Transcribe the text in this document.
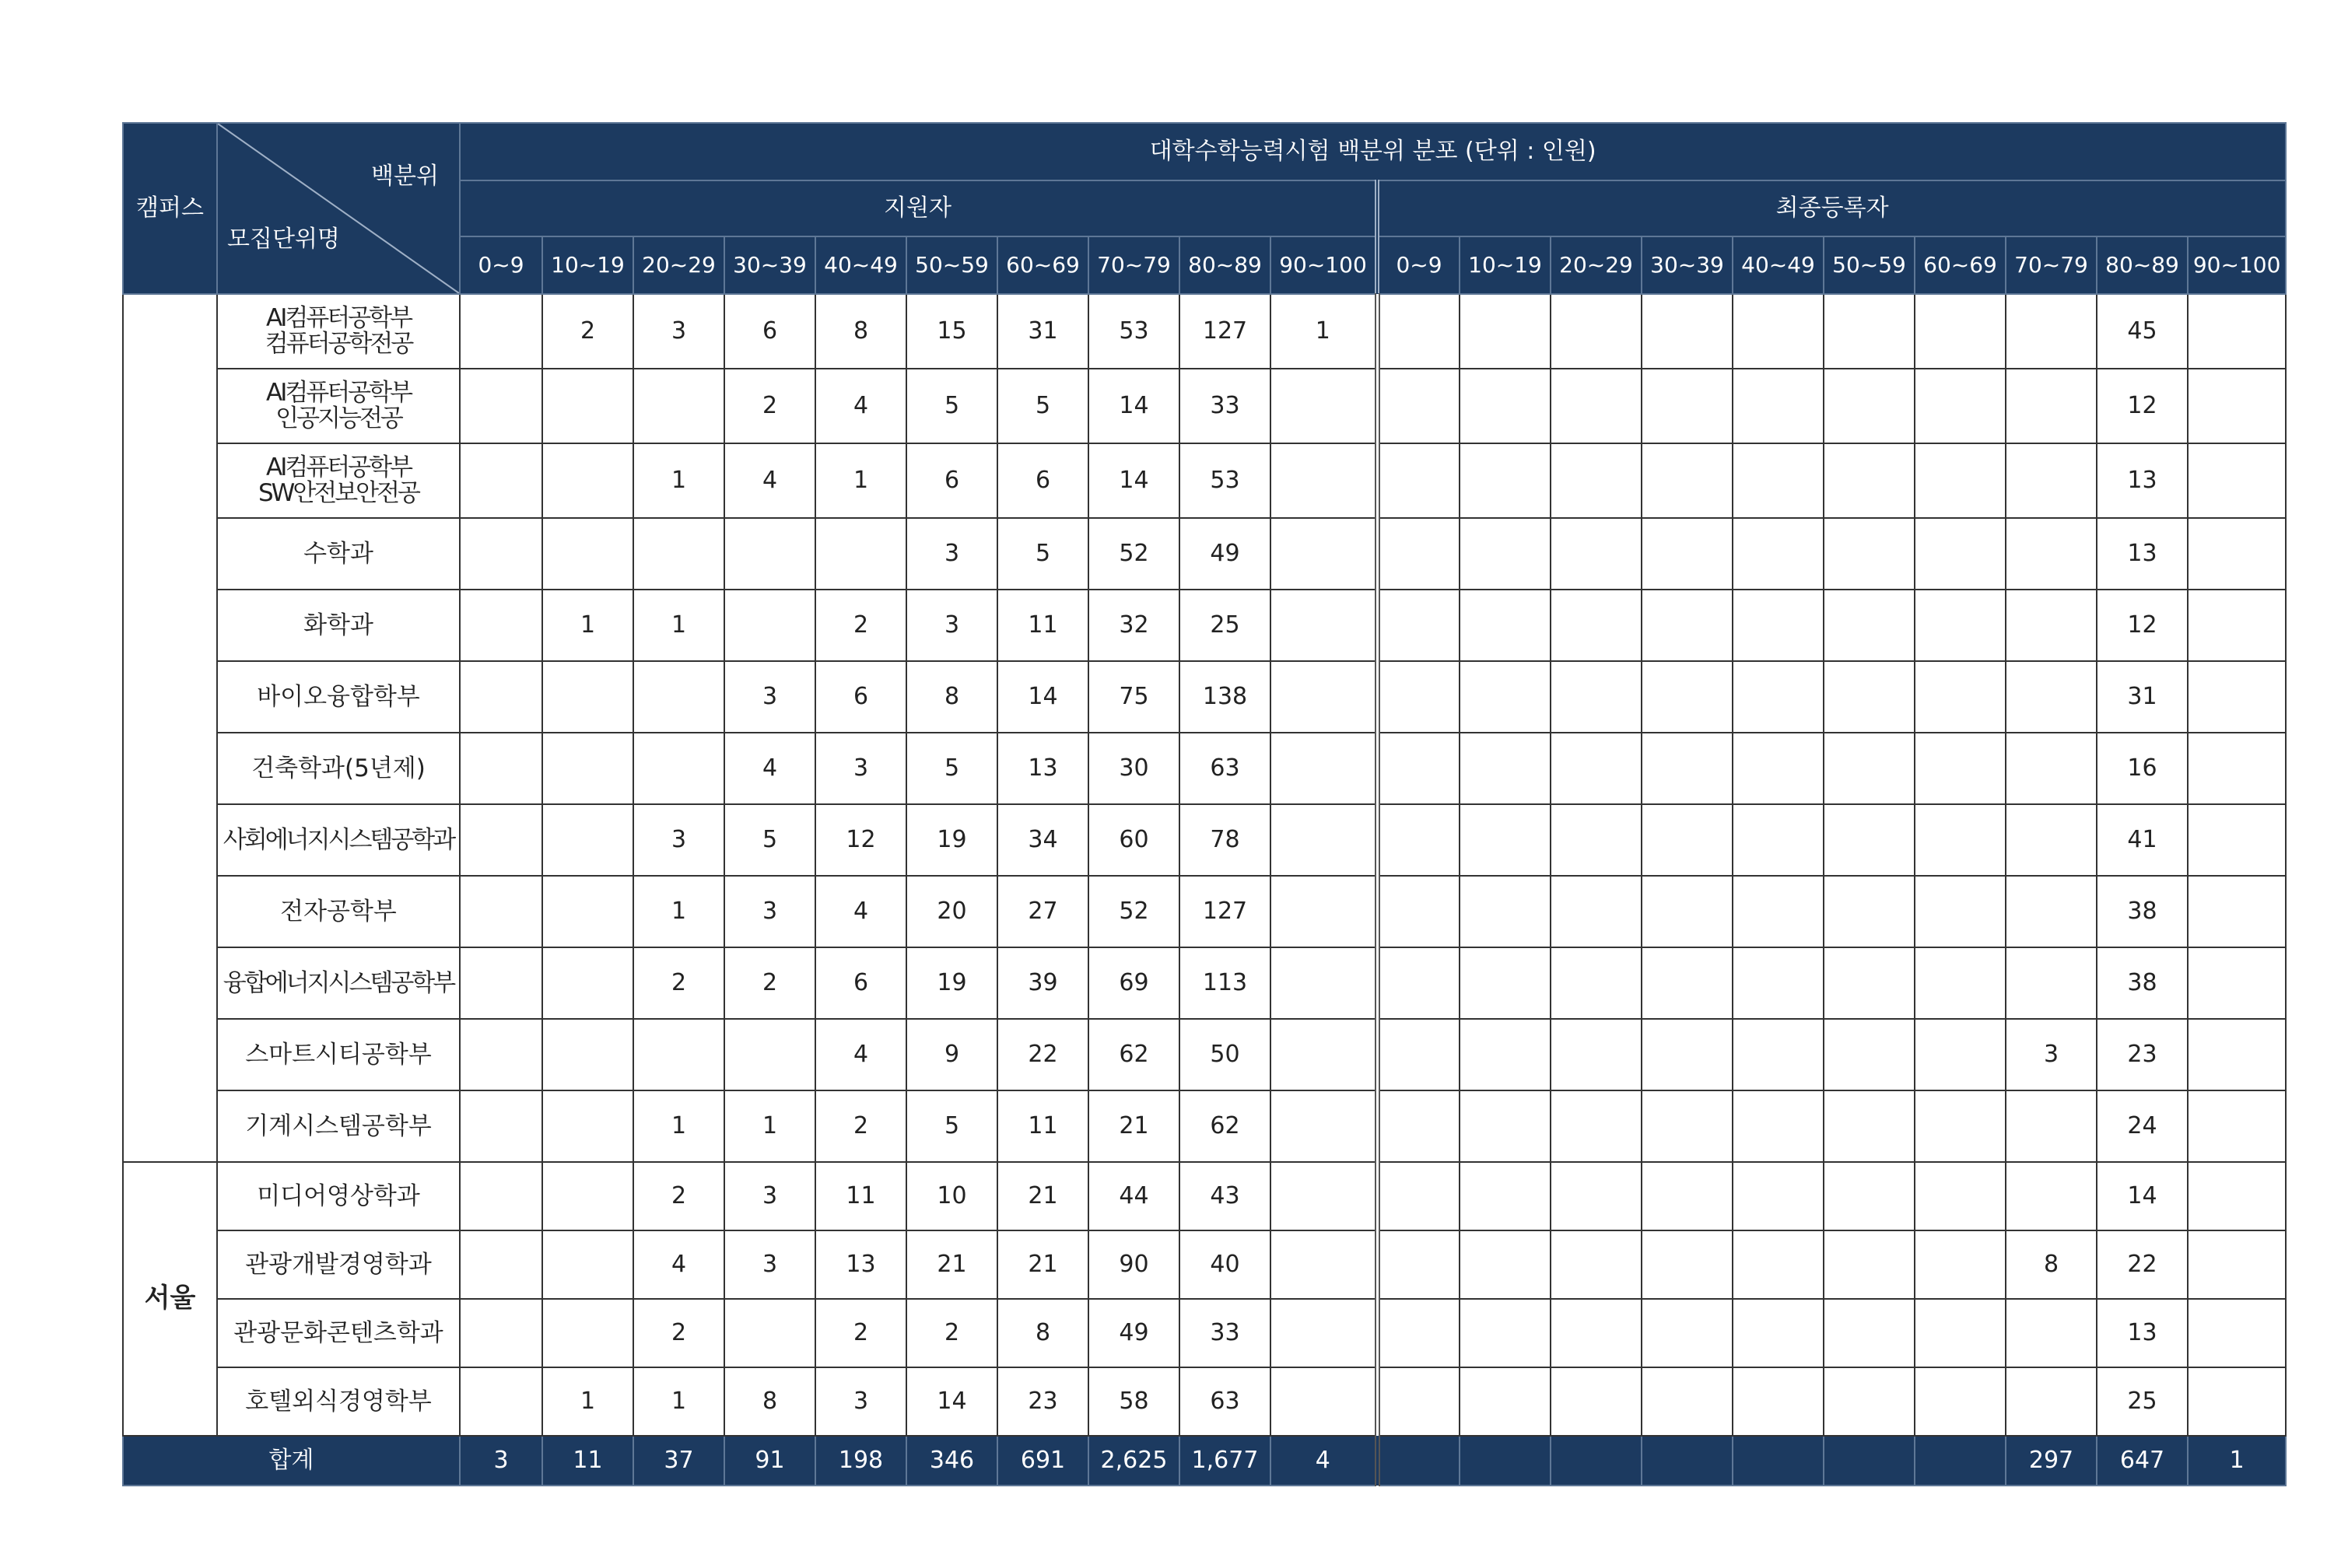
캠퍼스	백분위
모집단위명	대학수학능력시험 백분위 분포 (단위 : 인원)																			
		지원자										최종등록자									
		0~9	10~19	20~29	30~39	40~49	50~59	60~69	70~79	80~89	90~100	0~9	10~19	20~29	30~39	40~49	50~59	60~69	70~79	80~89	90~100
	AI컴퓨터공학부
컴퓨터공학전공		2	3	6	8	15	31	53	127	1									45	
	AI컴퓨터공학부
인공지능전공				2	4	5	5	14	33										12	
	AI컴퓨터공학부
SW안전보안전공			1	4	1	6	6	14	53										13	
	수학과						3	5	52	49										13	
	화학과		1	1		2	3	11	32	25										12	
	바이오융합학부				3	6	8	14	75	138										31	
	건축학과(5년제)				4	3	5	13	30	63										16	
	사회에너지시스템공학과			3	5	12	19	34	60	78										41	
	전자공학부			1	3	4	20	27	52	127										38	
	융합에너지시스템공학부			2	2	6	19	39	69	113										38	
	스마트시티공학부					4	9	22	62	50									3	23	
	기계시스템공학부			1	1	2	5	11	21	62										24	
서울	미디어영상학과			2	3	11	10	21	44	43										14	
	관광개발경영학과			4	3	13	21	21	90	40									8	22	
	관광문화콘텐츠학과			2		2	2	8	49	33										13	
	호텔외식경영학부		1	1	8	3	14	23	58	63										25	
합계		3	11	37	91	198	346	691	2,625	1,677	4								297	647	1
